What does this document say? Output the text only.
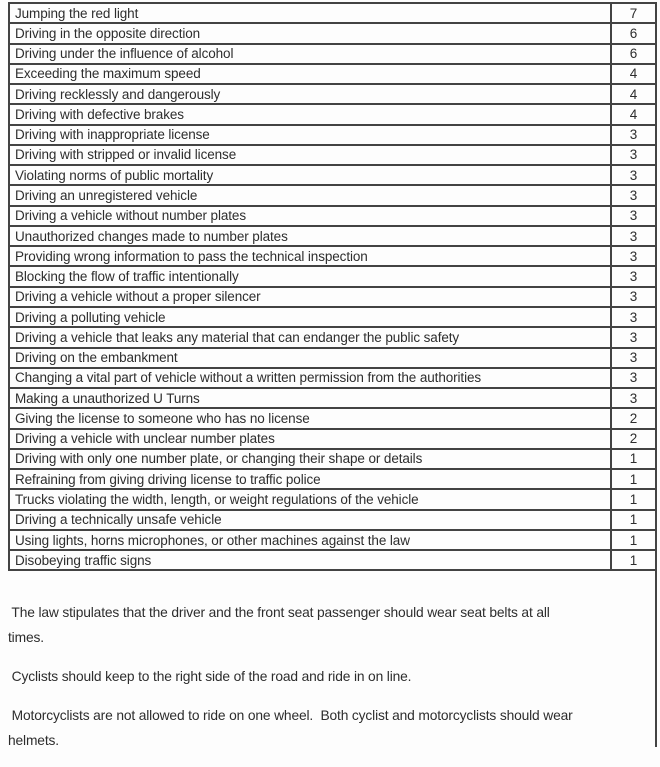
Jumping the red light	7
Driving in the opposite direction	6
Driving under the influence of alcohol	6
Exceeding the maximum speed	4
Driving recklessly and dangerously	4
Driving with defective brakes	4
Driving with inappropriate license	3
Driving with stripped or invalid license	3
Violating norms of public mortality	3
Driving an unregistered vehicle	3
Driving a vehicle without number plates	3
Unauthorized changes made to number plates	3
Providing wrong information to pass the technical inspection	3
Blocking the flow of traffic intentionally	3
Driving a vehicle without a proper silencer	3
Driving a polluting vehicle	3
Driving a vehicle that leaks any material that can endanger the public safety	3
Driving on the embankment	3
Changing a vital part of vehicle without a written permission from the authorities	3
Making a unauthorized U Turns	3
Giving the license to someone who has no license	2
Driving a vehicle with unclear number plates	2
Driving with only one number plate, or changing their shape or details	1
Refraining from giving driving license to traffic police	1
Trucks violating the width, length, or weight regulations of the vehicle	1
Driving a technically unsafe vehicle	1
Using lights, horns microphones, or other machines against the law	1
Disobeying traffic signs	1

The law stipulates that the driver and the front seat passenger should wear seat belts at all
times.

Cyclists should keep to the right side of the road and ride in on line.

Motorcyclists are not allowed to ride on one wheel.  Both cyclist and motorcyclists should wear
helmets.
